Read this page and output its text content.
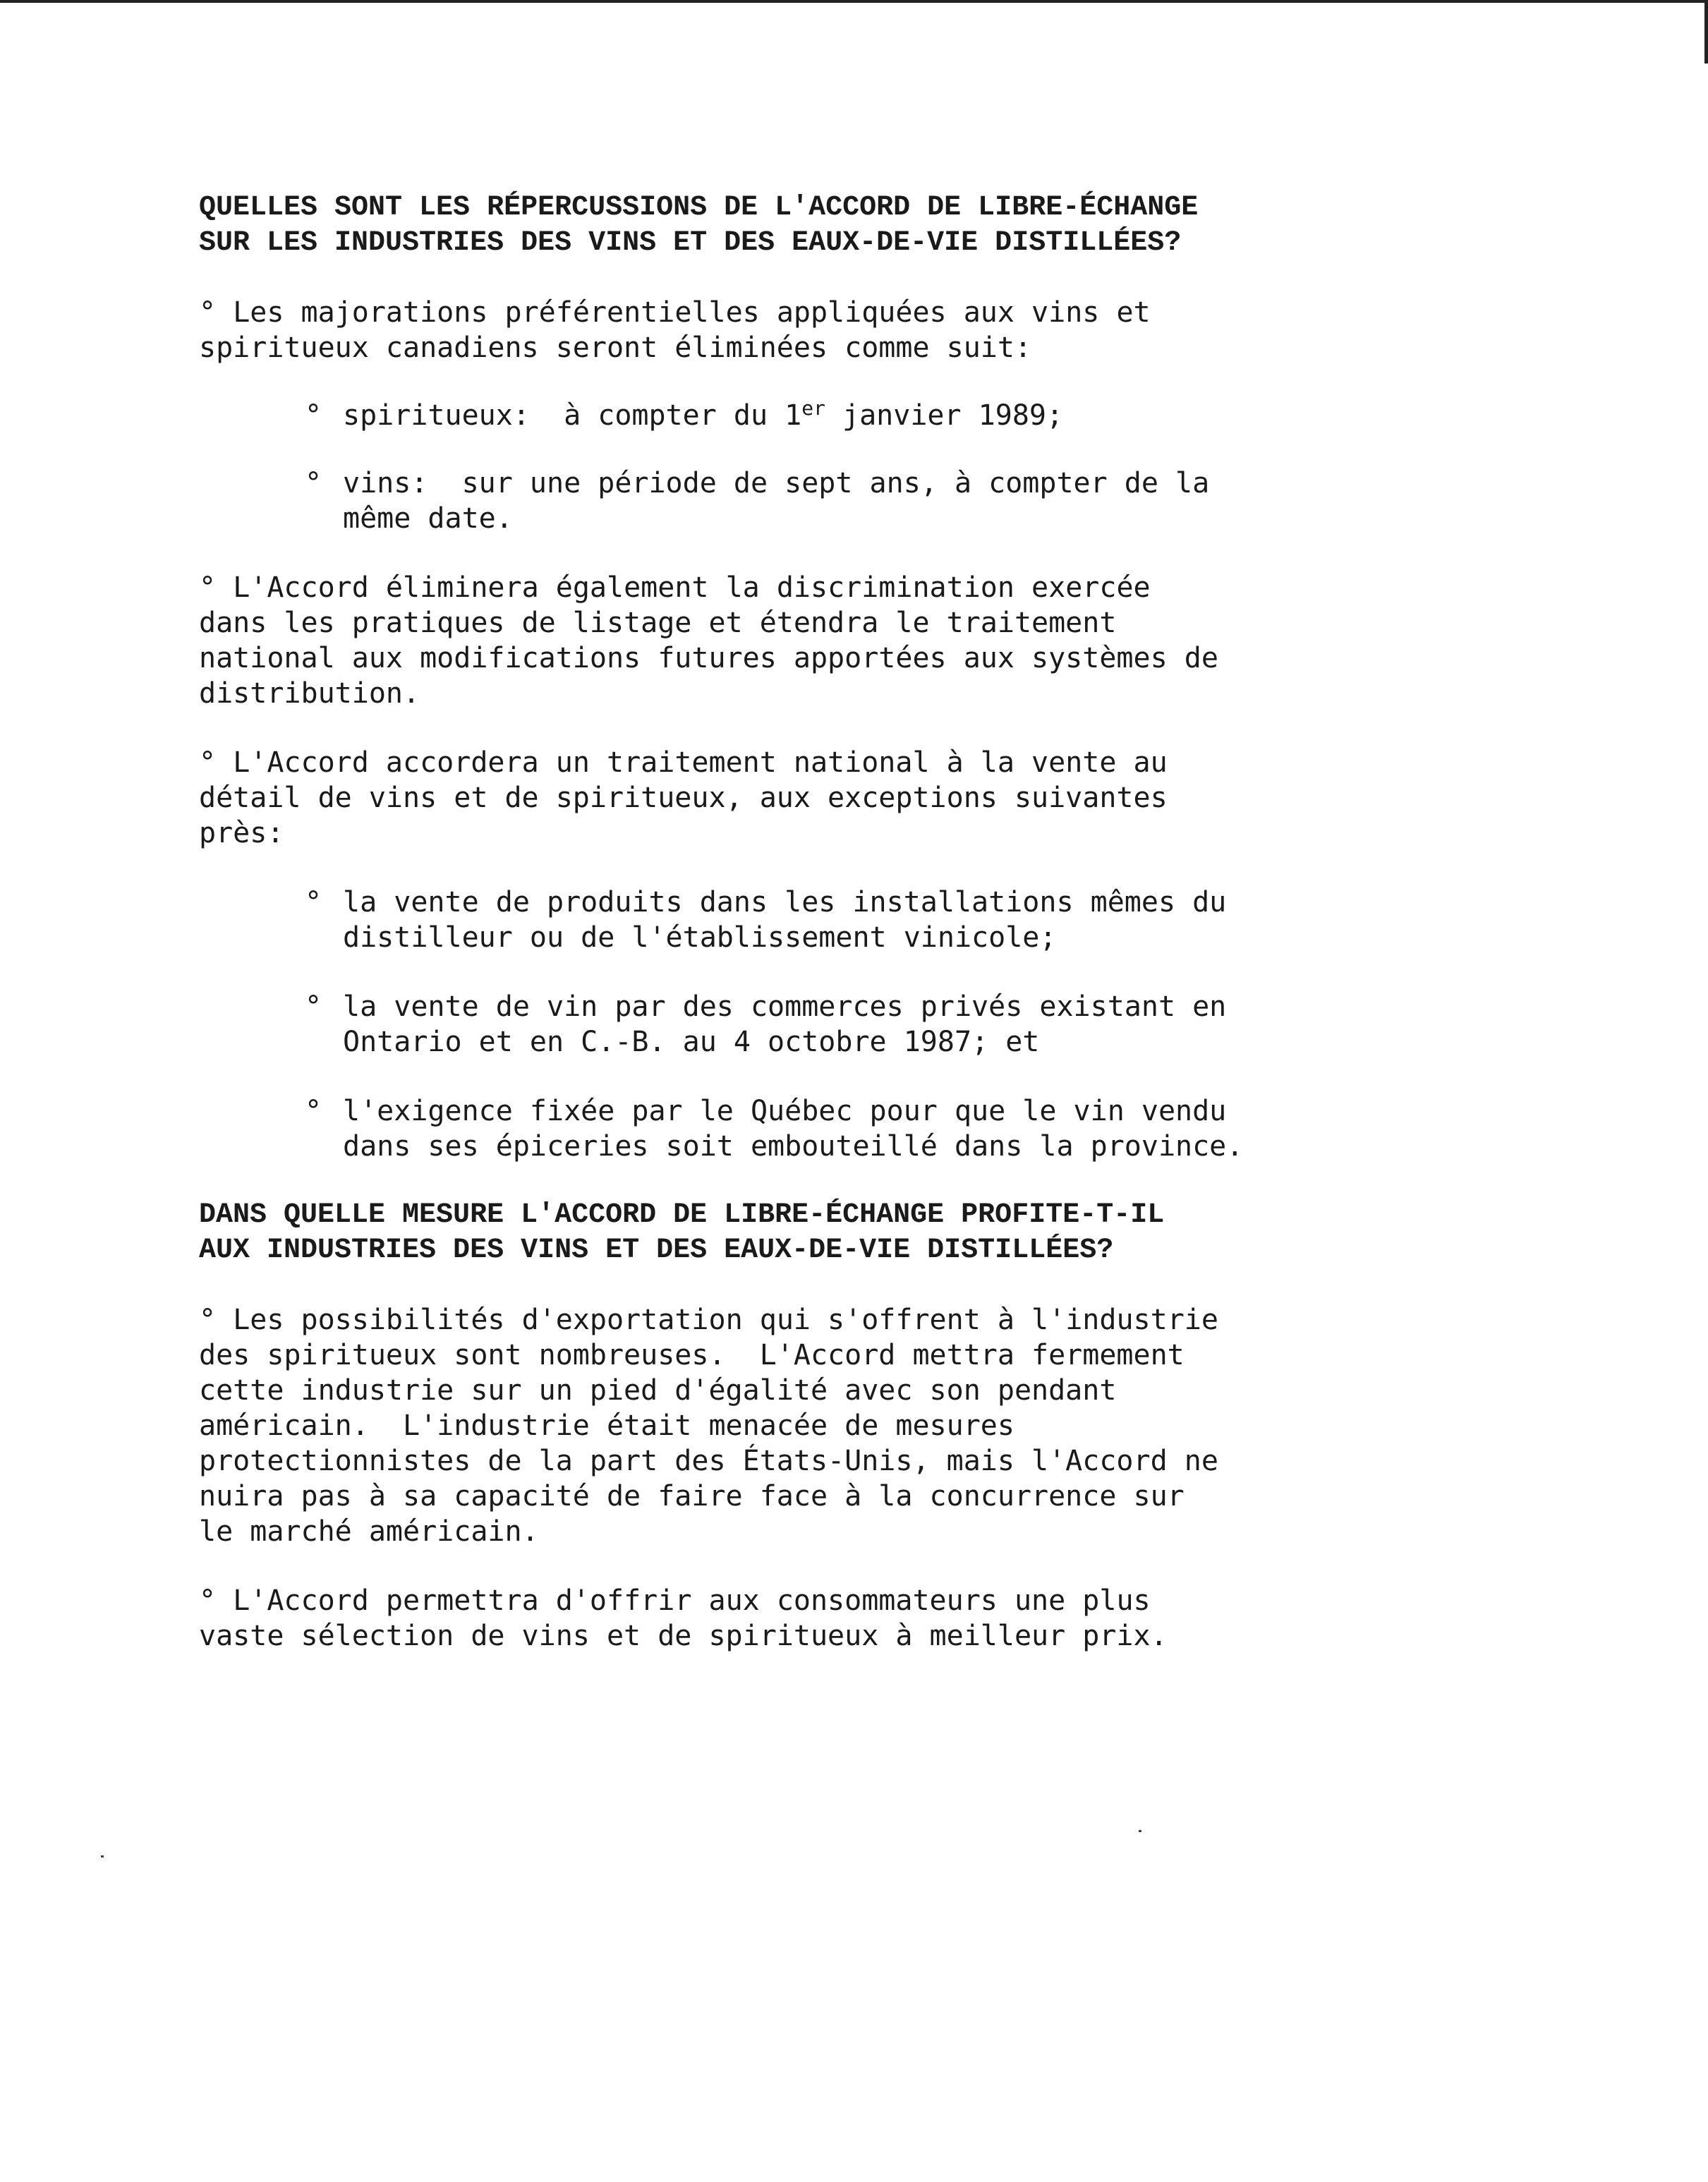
QUELLES SONT LES RÉPERCUSSIONS DE L'ACCORD DE LIBRE-ÉCHANGE
SUR LES INDUSTRIES DES VINS ET DES EAUX-DE-VIE DISTILLÉES?
° Les majorations préférentielles appliquées aux vins et
spiritueux canadiens seront éliminées comme suit:
° spiritueux:  à compter du 1er janvier 1989;
° vins:  sur une période de sept ans, à compter de la
même date.
° L'Accord éliminera également la discrimination exercée
dans les pratiques de listage et étendra le traitement
national aux modifications futures apportées aux systèmes de
distribution.
° L'Accord accordera un traitement national à la vente au
détail de vins et de spiritueux, aux exceptions suivantes
près:
° la vente de produits dans les installations mêmes du
distilleur ou de l'établissement vinicole;
° la vente de vin par des commerces privés existant en
Ontario et en C.-B. au 4 octobre 1987; et
° l'exigence fixée par le Québec pour que le vin vendu
dans ses épiceries soit embouteillé dans la province.
DANS QUELLE MESURE L'ACCORD DE LIBRE-ÉCHANGE PROFITE-T-IL
AUX INDUSTRIES DES VINS ET DES EAUX-DE-VIE DISTILLÉES?
° Les possibilités d'exportation qui s'offrent à l'industrie
des spiritueux sont nombreuses.  L'Accord mettra fermement
cette industrie sur un pied d'égalité avec son pendant
américain.  L'industrie était menacée de mesures
protectionnistes de la part des États-Unis, mais l'Accord ne
nuira pas à sa capacité de faire face à la concurrence sur
le marché américain.
° L'Accord permettra d'offrir aux consommateurs une plus
vaste sélection de vins et de spiritueux à meilleur prix.
